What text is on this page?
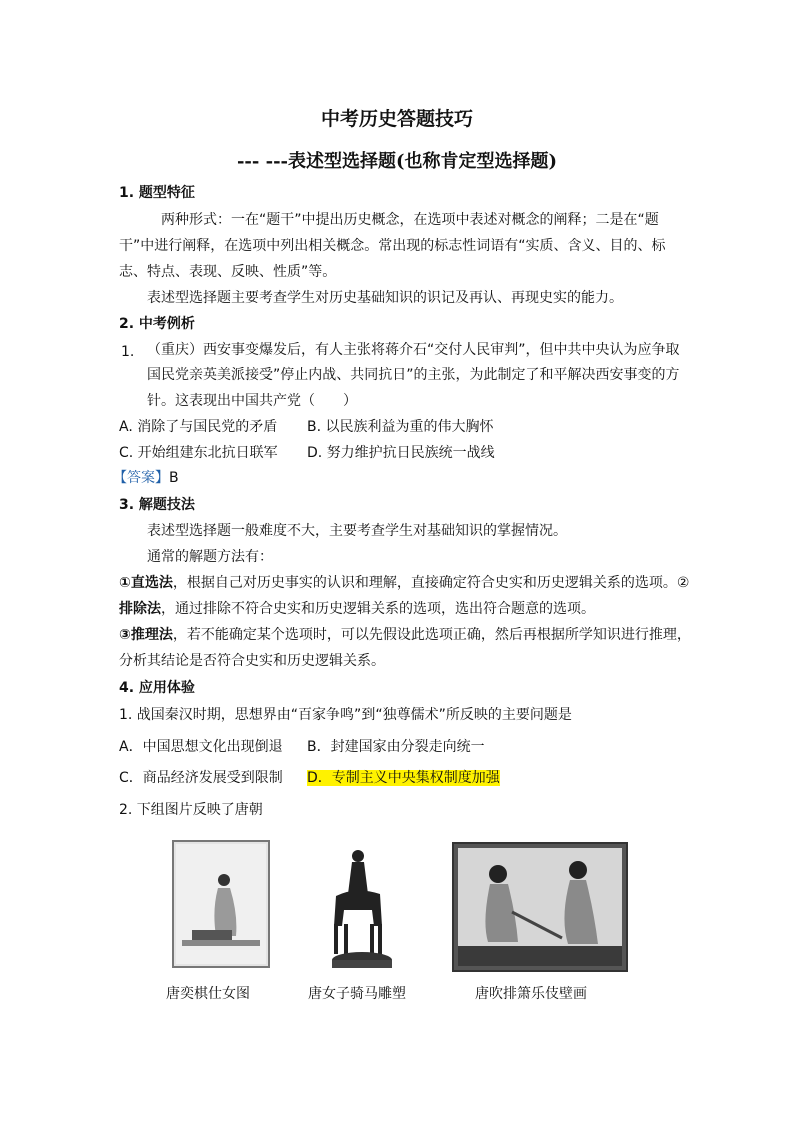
中考历史答题技巧
--- ---表述型选择题(也称肯定型选择题)
1. 题型特征
两种形式：一在“题干”中提出历史概念，在选项中表述对概念的阐释；二是在“题
干”中进行阐释，在选项中列出相关概念。常出现的标志性词语有“实质、含义、目的、标
志、特点、表现、反映、性质”等。
表述型选择题主要考查学生对历史基础知识的识记及再认、再现史实的能力。
2. 中考例析
1. （重庆）西安事变爆发后，有人主张将蒋介石“交付人民审判”，但中共中央认为应争取
国民党亲英美派接受”停止内战、共同抗日”的主张，为此制定了和平解决西安事变的方
针。这表现出中国共产党（　　）
A. 消除了与国民党的矛盾 B. 以民族利益为重的伟大胸怀
C. 开始组建东北抗日联军 D. 努力维护抗日民族统一战线
【答案】B
3. 解题技法
表述型选择题一般难度不大，主要考查学生对基础知识的掌握情况。
通常的解题方法有：
①直选法，根据自己对历史事实的认识和理解，直接确定符合史实和历史逻辑关系的选项。②
排除法，通过排除不符合史实和历史逻辑关系的选项，选出符合题意的选项。
③推理法，若不能确定某个选项时，可以先假设此选项正确，然后再根据所学知识进行推理，
分析其结论是否符合史实和历史逻辑关系。
4. 应用体验
1. 战国秦汉时期，思想界由“百家争鸣”到“独尊儒术”所反映的主要问题是
A．中国思想文化出现倒退 B．封建国家由分裂走向统一
C．商品经济发展受到限制 D．专制主义中央集权制度加强
2. 下组图片反映了唐朝
唐奕棋仕女图	唐女子骑马雕塑	唐吹排箫乐伎壁画
